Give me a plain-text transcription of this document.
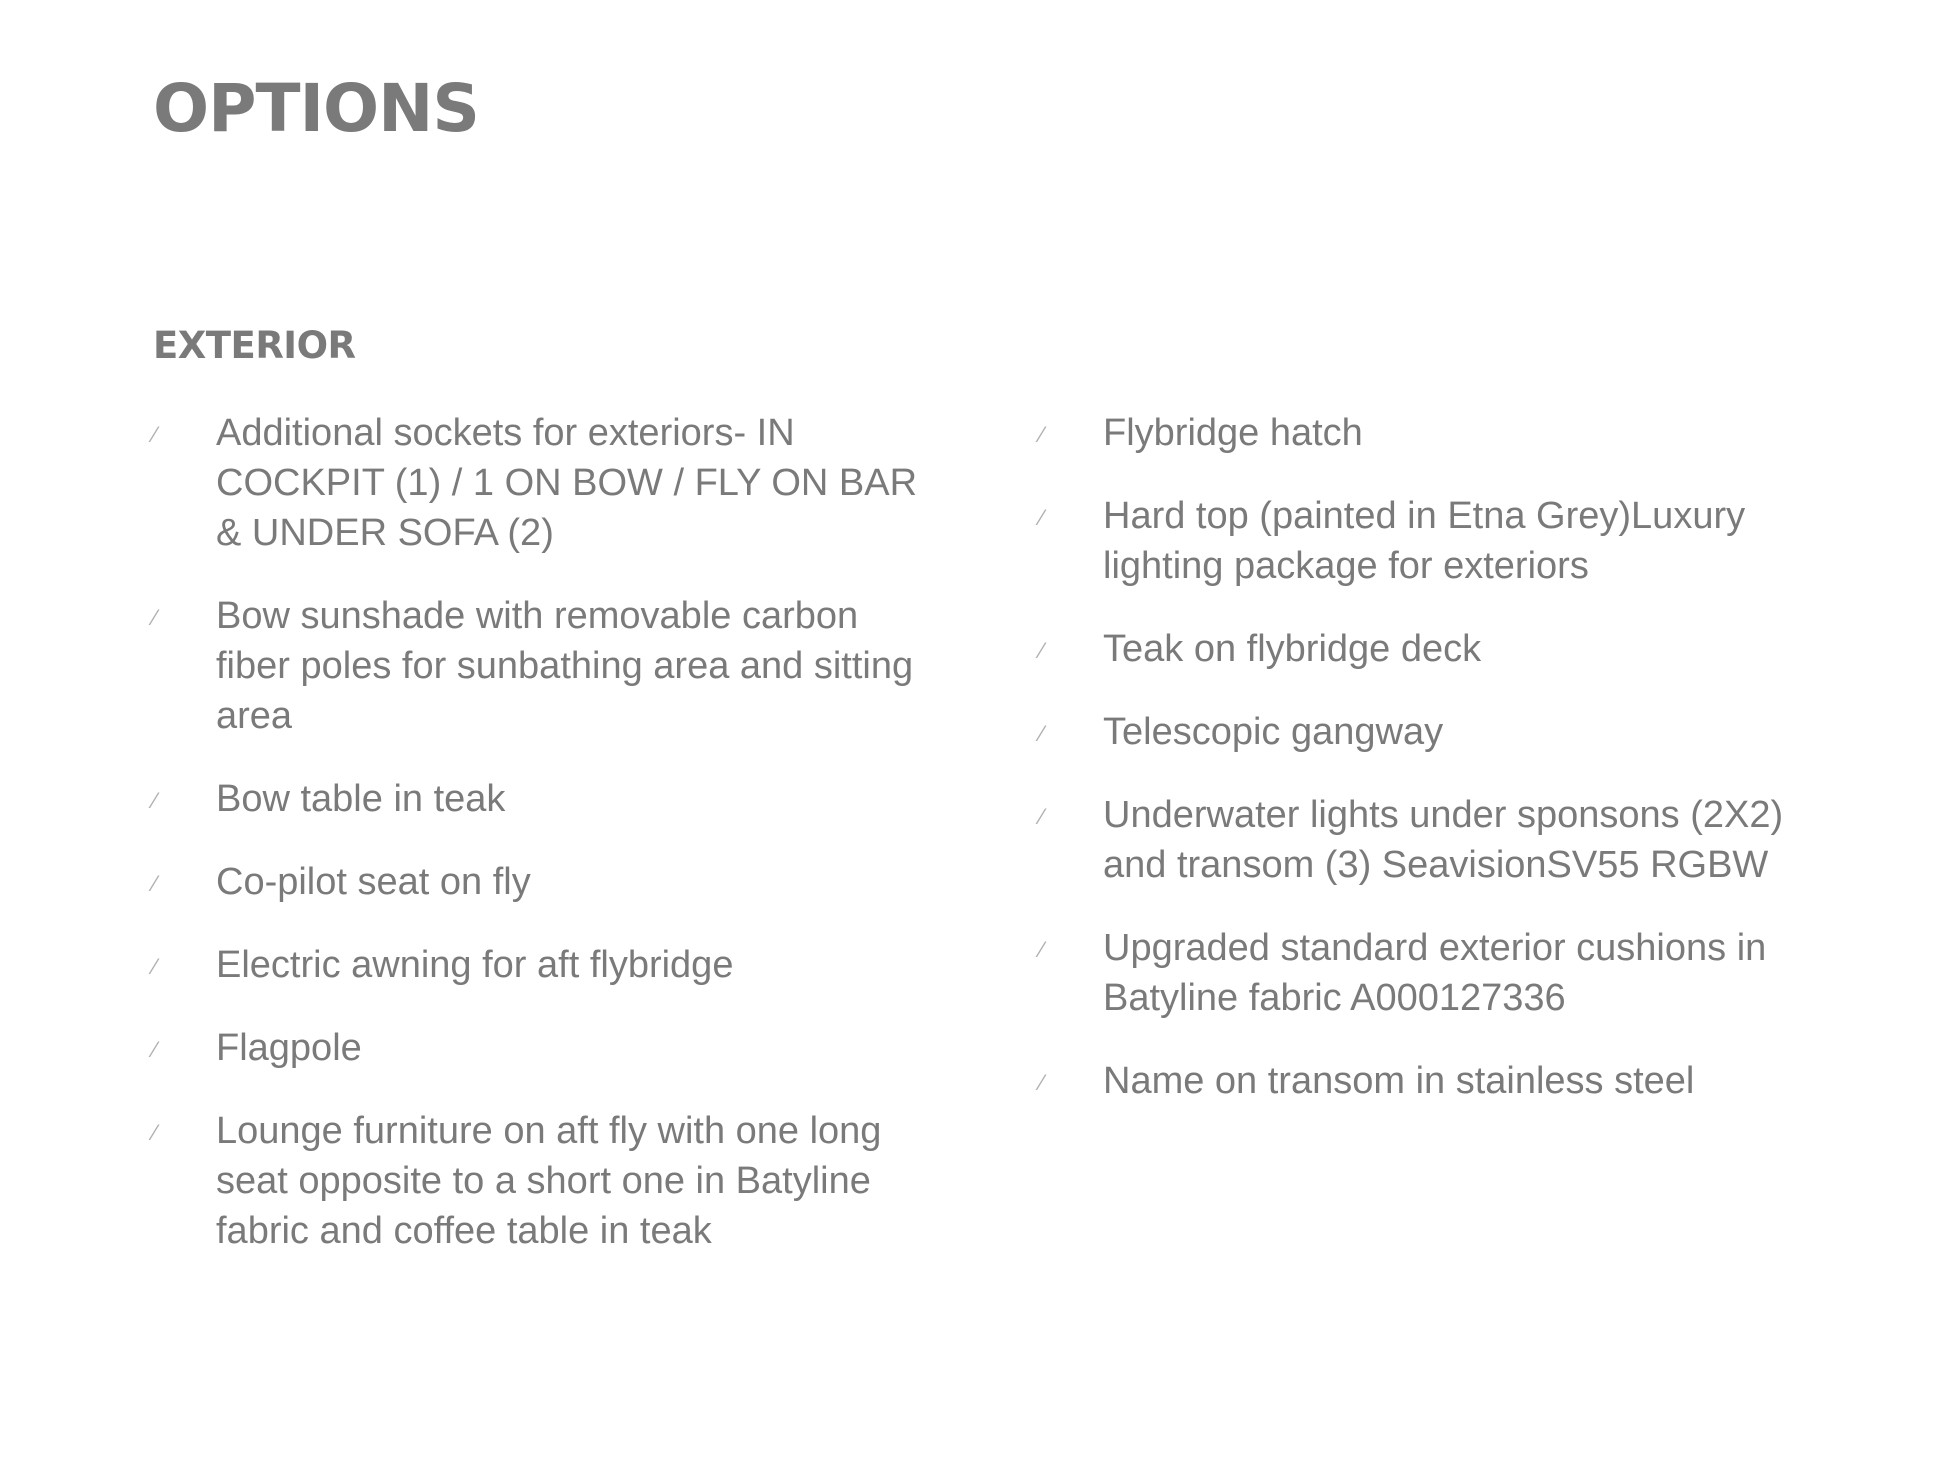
OPTIONS
EXTERIOR
⁄ Additional sockets for exteriors- IN COCKPIT (1) / 1 ON BOW / FLY ON BAR & UNDER SOFA (2)
⁄ Bow sunshade with removable carbon fiber poles for sunbathing area and sitting area
⁄ Bow table in teak
⁄ Co-pilot seat on fly
⁄ Electric awning for aft flybridge
⁄ Flagpole
⁄ Lounge furniture on aft fly with one long seat opposite to a short one in Batyline fabric and coffee table in teak
⁄ Flybridge hatch
⁄ Hard top (painted in Etna Grey)Luxury lighting package for exteriors
⁄ Teak on flybridge deck
⁄ Telescopic gangway
⁄ Underwater lights under sponsons (2X2) and transom (3) SeavisionSV55 RGBW
⁄ Upgraded standard exterior cushions in Batyline fabric A000127336
⁄ Name on transom in stainless steel
